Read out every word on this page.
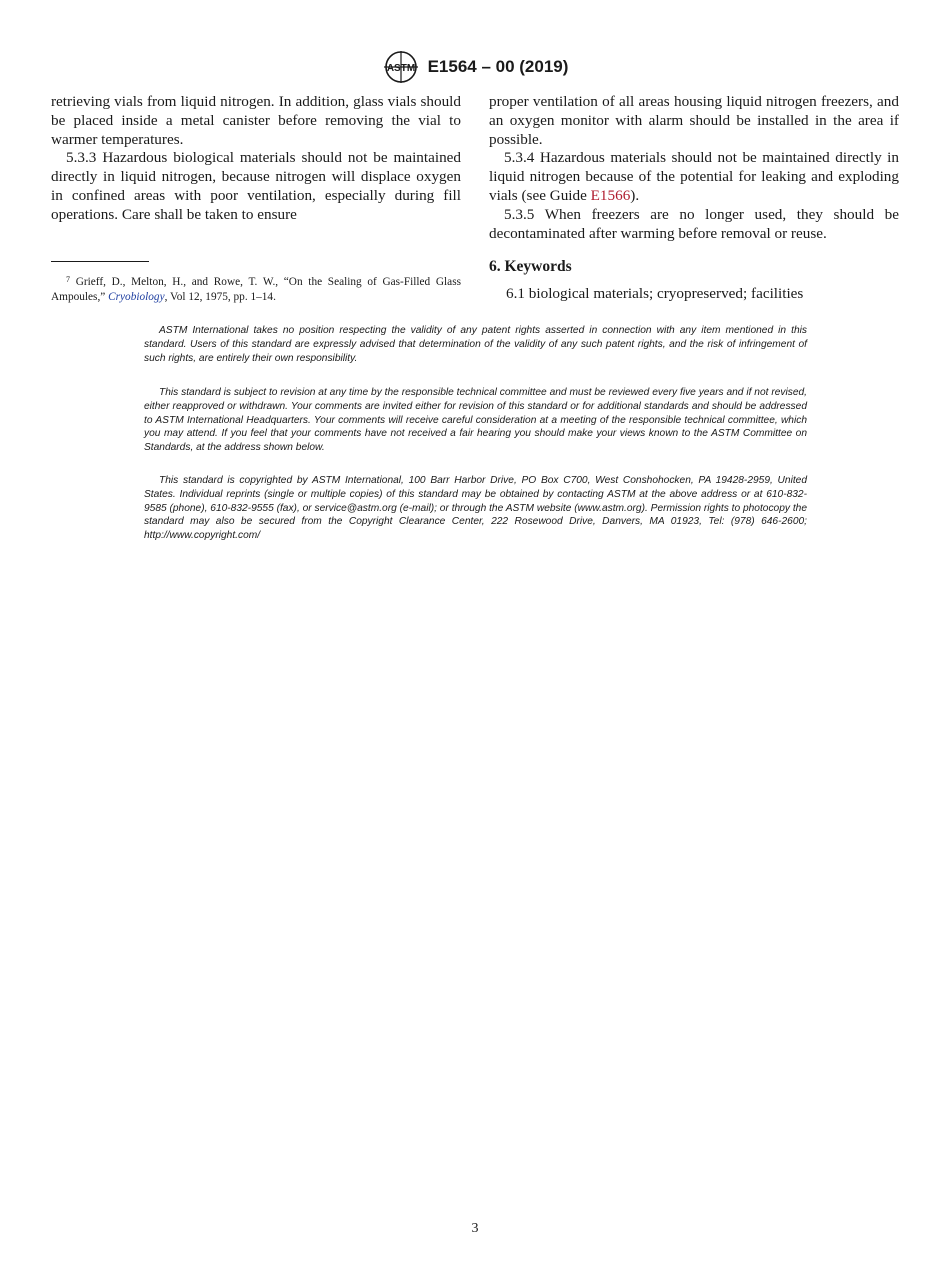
ASTM E1564 – 00 (2019)

retrieving vials from liquid nitrogen. In addition, glass vials should be placed inside a metal canister before removing the vial to warmer temperatures.

5.3.3 Hazardous biological materials should not be maintained directly in liquid nitrogen, because nitrogen will displace oxygen in confined areas with poor ventilation, especially during fill operations. Care shall be taken to ensure

$^7$ Grieff, D., Melton, H., and Rowe, T. W., “On the Sealing of Gas-Filled Glass Ampoules,” Cryobiology, Vol 12, 1975, pp. 1–14.

proper ventilation of all areas housing liquid nitrogen freezers, and an oxygen monitor with alarm should be installed in the area if possible.

5.3.4 Hazardous materials should not be maintained directly in liquid nitrogen because of the potential for leaking and exploding vials (see Guide E1566).

5.3.5 When freezers are no longer used, they should be decontaminated after warming before removal or reuse.

6. Keywords
6.1 biological materials; cryopreserved; facilities

ASTM International takes no position respecting the validity of any patent rights asserted in connection with any item mentioned in this standard. Users of this standard are expressly advised that determination of the validity of any such patent rights, and the risk of infringement of such rights, are entirely their own responsibility.

This standard is subject to revision at any time by the responsible technical committee and must be reviewed every five years and if not revised, either reapproved or withdrawn. Your comments are invited either for revision of this standard or for additional standards and should be addressed to ASTM International Headquarters. Your comments will receive careful consideration at a meeting of the responsible technical committee, which you may attend. If you feel that your comments have not received a fair hearing you should make your views known to the ASTM Committee on Standards, at the address shown below.

This standard is copyrighted by ASTM International, 100 Barr Harbor Drive, PO Box C700, West Conshohocken, PA 19428-2959, United States. Individual reprints (single or multiple copies) of this standard may be obtained by contacting ASTM at the above address or at 610-832-9585 (phone), 610-832-9555 (fax), or service@astm.org (e-mail); or through the ASTM website (www.astm.org). Permission rights to photocopy the standard may also be secured from the Copyright Clearance Center, 222 Rosewood Drive, Danvers, MA 01923, Tel: (978) 646-2600; http://www.copyright.com/

3
